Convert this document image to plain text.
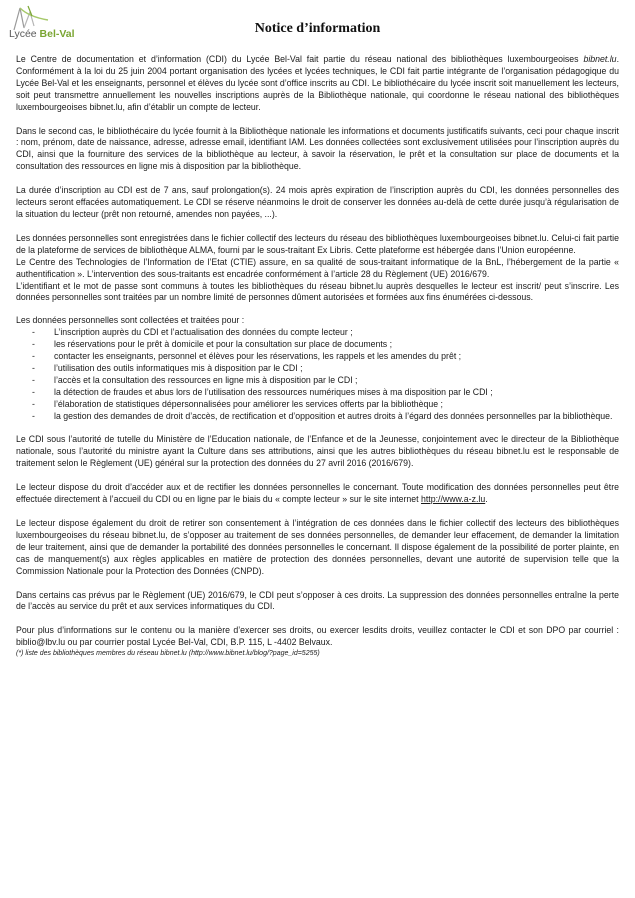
Lycée Bel-Val	Notice d’information

Le Centre de documentation et d’information (CDI) du Lycée Bel-Val fait partie du réseau national des bibliothèques luxembourgeoises bibnet.lu. Conformément à la loi du 25 juin 2004 portant organisation des lycées et lycées techniques, le CDI fait partie intégrante de l’organisation pédagogique du Lycée Bel-Val et les enseignants, personnel et élèves du lycée sont d’office inscrits au CDI. Le bibliothécaire du lycée inscrit soit manuellement les lecteurs, soit peut transmettre annuellement les nouvelles inscriptions auprès de la Bibliothèque nationale, qui coordonne le réseau national des bibliothèques luxembourgeoises bibnet.lu, afin d’établir un compte de lecteur.

Dans le second cas, le bibliothécaire du lycée fournit à la Bibliothèque nationale les informations et documents justificatifs suivants, ceci pour chaque inscrit : nom, prénom, date de naissance, adresse, adresse email, identifiant IAM. Les données collectées sont exclusivement utilisées pour l’inscription auprès du CDI, ainsi que la fourniture des services de la bibliothèque au lecteur, à savoir la réservation, le prêt et la consultation sur place de documents et la consultation des ressources en ligne mis à disposition par la bibliothèque.

La durée d’inscription au CDI est de 7 ans, sauf prolongation(s). 24 mois après expiration de l’inscription auprès du CDI, les données personnelles des lecteurs seront effacées automatiquement. Le CDI se réserve néanmoins le droit de conserver les données au-delà de cette durée jusqu’à régularisation de la situation du lecteur (prêt non retourné, amendes non payées, ...).

Les données personnelles sont enregistrées dans le fichier collectif des lecteurs du réseau des bibliothèques luxembourgeoises bibnet.lu. Celui-ci fait partie de la plateforme de services de bibliothèque ALMA, fourni par le sous-traitant Ex Libris. Cette plateforme est hébergée dans l’Union européenne.

Le Centre des Technologies de l’Information de l’Etat (CTIE) assure, en sa qualité de sous-traitant informatique de la BnL, l’hébergement de la partie « authentification ». L’intervention des sous-traitants est encadrée conformément à l’article 28 du Règlement (UE) 2016/679.

L’identifiant et le mot de passe sont communs à toutes les bibliothèques du réseau bibnet.lu auprès desquelles le lecteur est inscrit/ peut s’inscrire. Les données personnelles sont traitées par un nombre limité de personnes dûment autorisées et formées aux fins énumérées ci-dessous.

Les données personnelles sont collectées et traitées pour :

- L’inscription auprès du CDI et l’actualisation des données du compte lecteur ;
- les réservations pour le prêt à domicile et pour la consultation sur place de documents ;
- contacter les enseignants, personnel et élèves pour les réservations, les rappels et les amendes du prêt ;
- l’utilisation des outils informatiques mis à disposition par le CDI ;
- l’accès et la consultation des ressources en ligne mis à disposition par le CDI ;
- la détection de fraudes et abus lors de l’utilisation des ressources numériques mises à ma disposition par le CDI ;
- l’élaboration de statistiques dépersonnalisées pour améliorer les services offerts par la bibliothèque ;
- la gestion des demandes de droit d’accès, de rectification et d’opposition et autres droits à l’égard des données personnelles par la bibliothèque.

Le CDI sous l’autorité de tutelle du Ministère de l’Education nationale, de l’Enfance et de la Jeunesse, conjointement avec le directeur de la Bibliothèque nationale, sous l’autorité du ministre ayant la Culture dans ses attributions, ainsi que les autres bibliothèques du réseau bibnet.lu est le responsable de traitement selon le Règlement (UE) général sur la protection des données du 27 avril 2016 (2016/679).

Le lecteur dispose du droit d’accéder aux et de rectifier les données personnelles le concernant. Toute modification des données personnelles peut être effectuée directement à l’accueil du CDI ou en ligne par le biais du « compte lecteur » sur le site internet http://www.a-z.lu.

Le lecteur dispose également du droit de retirer son consentement à l’intégration de ces données dans le fichier collectif des lecteurs des bibliothèques luxembourgeoises du réseau bibnet.lu, de s’opposer au traitement de ses données personnelles, de demander leur effacement, de demander la limitation de leur traitement, ainsi que de demander la portabilité des données personnelles le concernant. Il dispose également de la possibilité de porter plainte, en cas de manquement(s) aux règles applicables en matière de protection des données personnelles, devant une autorité de supervision telle que la Commission Nationale pour la Protection des Données (CNPD).

Dans certains cas prévus par le Règlement (UE) 2016/679, le CDI peut s’opposer à ces droits. La suppression des données personnelles entraîne la perte de l’accès au service du prêt et aux services informatiques du CDI.

Pour plus d’informations sur le contenu ou la manière d’exercer ses droits, ou exercer lesdits droits, veuillez contacter le CDI et son DPO par courriel : biblio@lbv.lu ou par courrier postal Lycée Bel-Val, CDI, B.P. 115, L -4402 Belvaux.

(*) liste des bibliothèques membres du réseau bibnet.lu (http://www.bibnet.lu/blog/?page_id=5255)
